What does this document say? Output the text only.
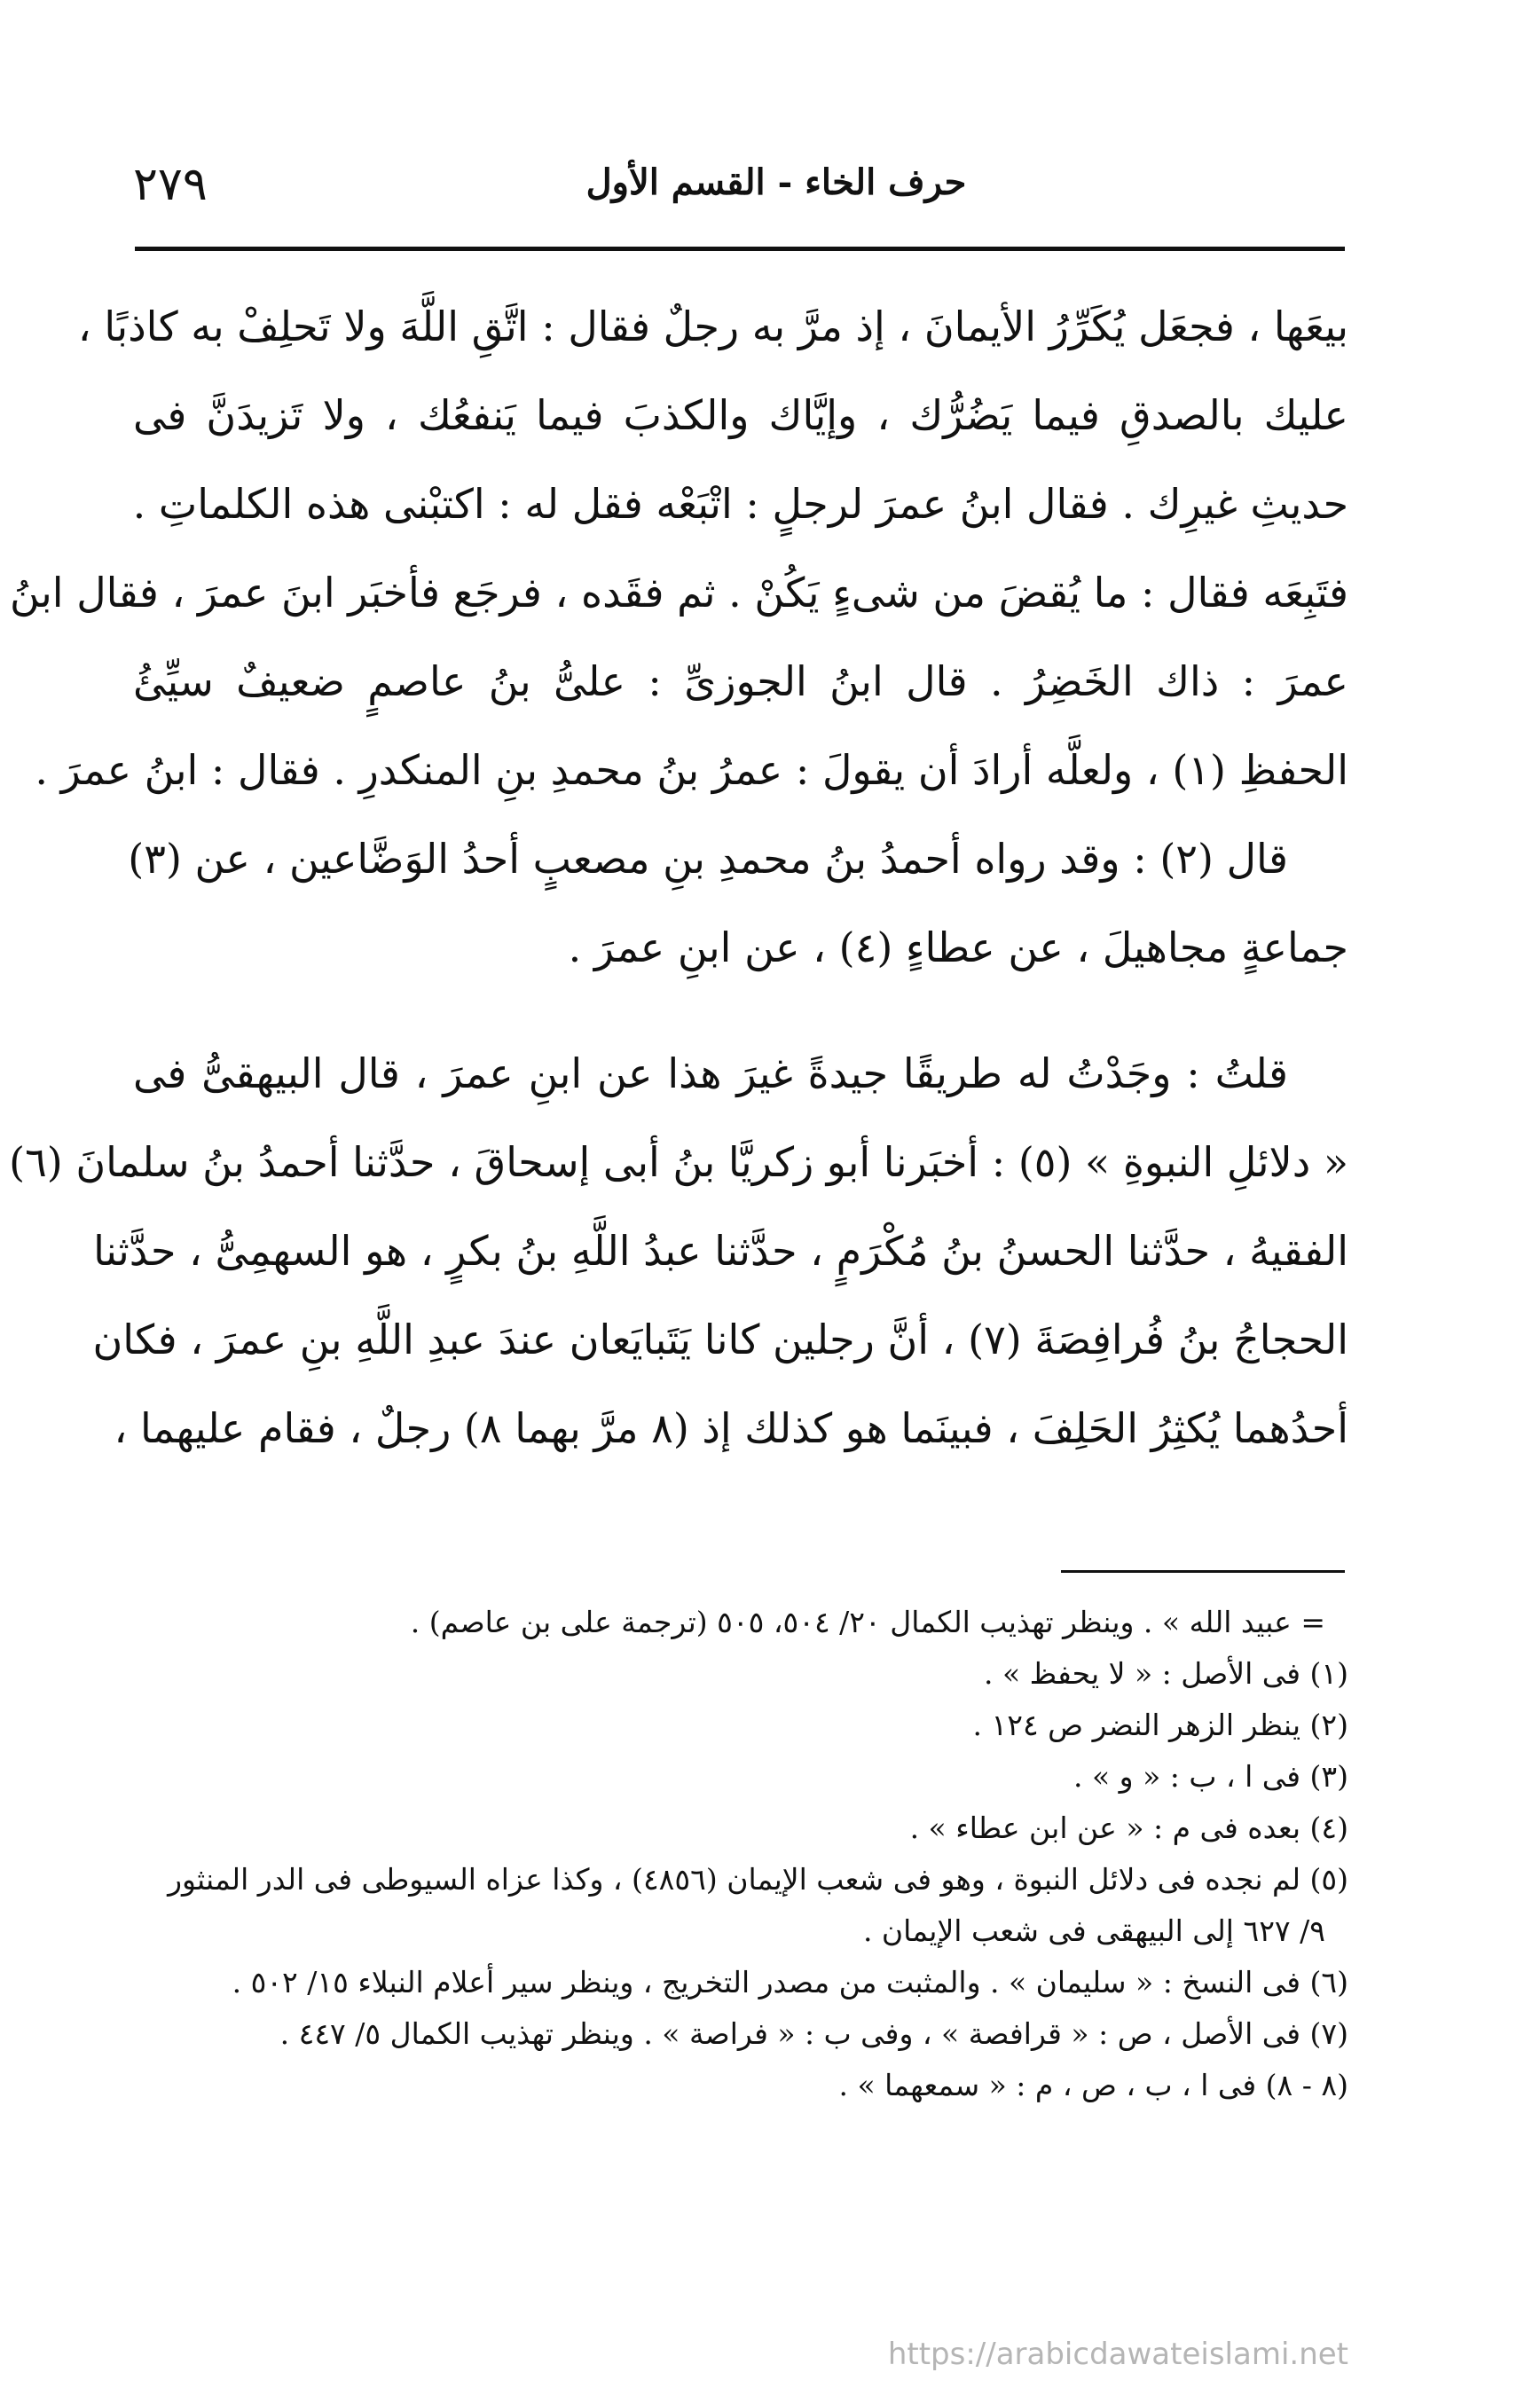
٢٧٩	حرف الخاء - القسم الأول
بيعَها ، فجعَل يُكَرِّرُ الأيمانَ ، إذ مرَّ به رجلٌ فقال : اتَّقِ اللَّهَ ولا تَحلِفْ به كاذبًا ،
عليك بالصدقِ فيما يَضُرُّك ، وإيَّاك والكذبَ فيما يَنفعُك ، ولا تَزيدَنَّ فى
حديثِ غيرِك . فقال ابنُ عمرَ لرجلٍ : اتْبَعْه فقل له : اكتبْنى هذه الكلماتِ .
فتَبِعَه فقال : ما يُقضَ من شىءٍ يَكُنْ . ثم فقَده ، فرجَع فأخبَر ابنَ عمرَ ، فقال ابنُ
عمرَ : ذاك الخَضِرُ . قال ابنُ الجوزىِّ : علىُّ بنُ عاصمٍ ضعيفٌ سيِّئُ
الحفظِ (١) ، ولعلَّه أرادَ أن يقولَ : عمرُ بنُ محمدِ بنِ المنكدرِ . فقال : ابنُ عمرَ .
قال (٢) : وقد رواه أحمدُ بنُ محمدِ بنِ مصعبٍ أحدُ الوَضَّاعين ، عن (٣)
جماعةٍ مجاهيلَ ، عن عطاءٍ (٤) ، عن ابنِ عمرَ .
قلتُ : وجَدْتُ له طريقًا جيدةً غيرَ هذا عن ابنِ عمرَ ، قال البيهقىُّ فى
« دلائلِ النبوةِ » (٥) : أخبَرنا أبو زكريَّا بنُ أبى إسحاقَ ، حدَّثنا أحمدُ بنُ سلمانَ (٦)
الفقيهُ ، حدَّثنا الحسنُ بنُ مُكْرَمٍ ، حدَّثنا عبدُ اللَّهِ بنُ بكرٍ ، هو السهمِىُّ ، حدَّثنا
الحجاجُ بنُ فُرافِصَةَ (٧) ، أنَّ رجلين كانا يَتَبايَعان عندَ عبدِ اللَّهِ بنِ عمرَ ، فكان
أحدُهما يُكثِرُ الحَلِفَ ، فبينَما هو كذلك إذ (٨ مرَّ بهما ٨) رجلٌ ، فقام عليهما ،
= عبيد الله » . وينظر تهذيب الكمال ٢٠/ ٥٠٤، ٥٠٥ (ترجمة على بن عاصم) .
(١) فى الأصل : « لا يحفظ » .
(٢) ينظر الزهر النضر ص ١٢٤ .
(٣) فى ا ، ب : « و » .
(٤) بعده فى م : « عن ابن عطاء » .
(٥) لم نجده فى دلائل النبوة ، وهو فى شعب الإيمان (٤٨٥٦) ، وكذا عزاه السيوطى فى الدر المنثور
٩/ ٦٢٧ إلى البيهقى فى شعب الإيمان .
(٦) فى النسخ : « سليمان » . والمثبت من مصدر التخريج ، وينظر سير أعلام النبلاء ١٥/ ٥٠٢ .
(٧) فى الأصل ، ص : « قرافصة » ، وفى ب : « فراصة » . وينظر تهذيب الكمال ٥/ ٤٤٧ .
(٨ - ٨) فى ا ، ب ، ص ، م : « سمعهما » .
https://arabicdawateislami.net
